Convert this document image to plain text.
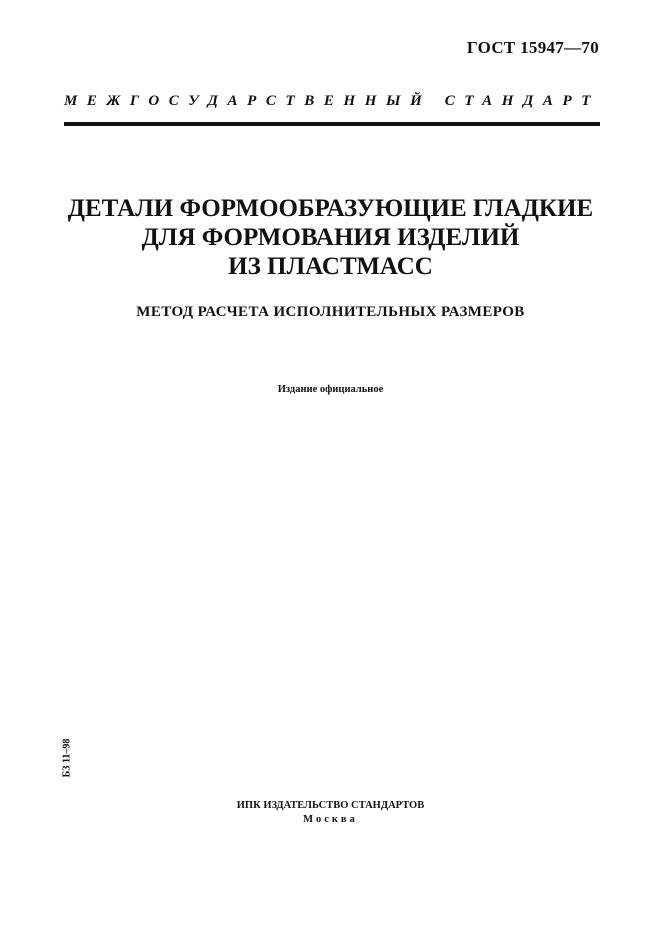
ГОСТ 15947—70
МЕЖГОСУДАРСТВЕННЫЙ СТАНДАРТ
ДЕТАЛИ ФОРМООБРАЗУЮЩИЕ ГЛАДКИЕ
ДЛЯ ФОРМОВАНИЯ ИЗДЕЛИЙ
ИЗ ПЛАСТМАСС
МЕТОД РАСЧЕТА ИСПОЛНИТЕЛЬНЫХ РАЗМЕРОВ
Издание официальное
БЗ 11–98
ИПК ИЗДАТЕЛЬСТВО СТАНДАРТОВ
Москва
